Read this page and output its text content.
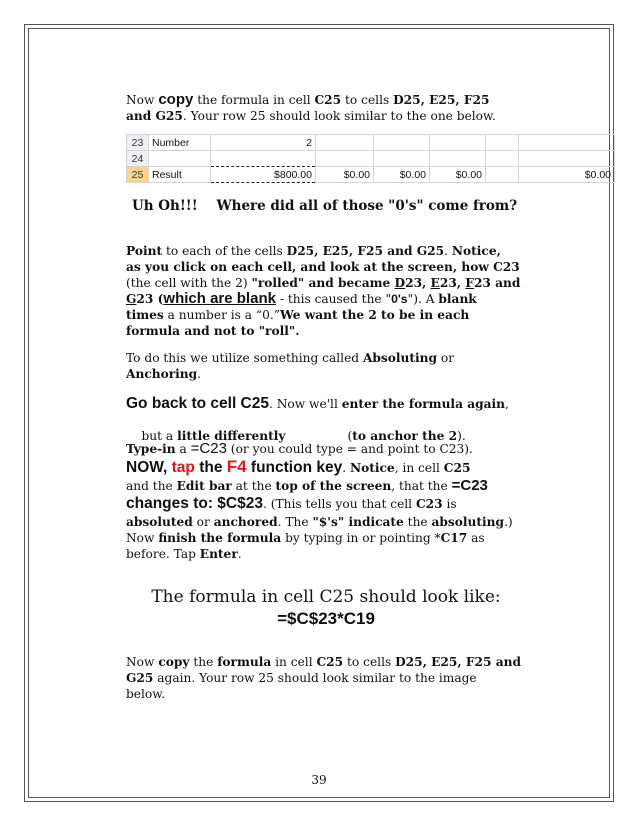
Now copy the formula in cell C25 to cells D25, E25, F25

and G25. Your row 25 should look similar to the one below.

23	Number	2					
24							
25	Result	$800.00	$0.00	$0.00	$0.00		$0.00
Uh Oh!!! Where did all of those "0's" come from?

Point to each of the cells D25, E25, F25 and G25. Notice,

as you click on each cell, and look at the screen, how C23

(the cell with the 2) "rolled" and became D23, E23, F23 and

G23 (which are blank - this caused the "0's"). A blank

times a number is a “0.”We want the 2 to be in each

formula and not to "roll".

To do this we utilize something called Absoluting or

Anchoring.

Go back to cell C25. Now we'll enter the formula again,

but a little differently                (to anchor the 2).

Type-in a =C23 (or you could type = and point to C23).

NOW, tap the F4 function key. Notice, in cell C25

and the Edit bar at the top of the screen, that the =C23

changes to: $C$23. (This tells you that cell C23 is

absoluted or anchored. The "$'s" indicate the absoluting.)

Now finish the formula by typing in or pointing *C17 as

before. Tap Enter.

The formula in cell C25 should look like:

=$C$23*C19

Now copy the formula in cell C25 to cells D25, E25, F25 and

G25 again. Your row 25 should look similar to the image

below.

39
